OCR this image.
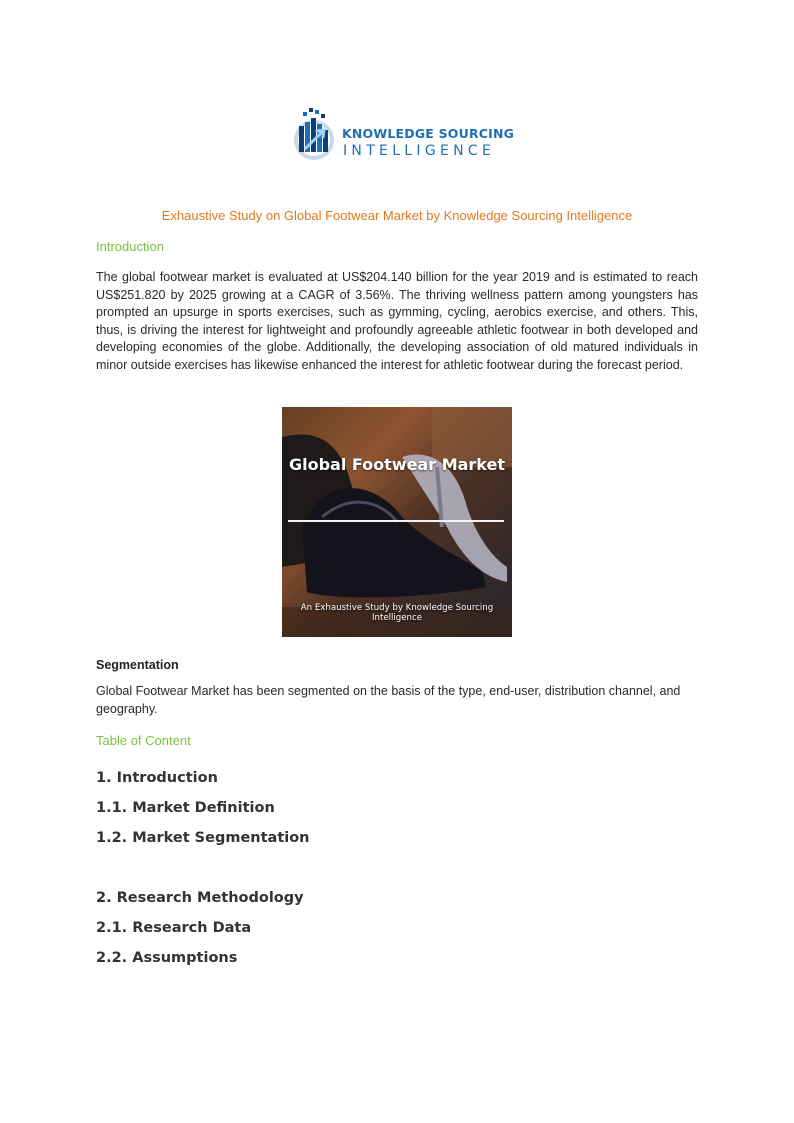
KNOWLEDGE SOURCING
INTELLIGENCE
Exhaustive Study on Global Footwear Market by Knowledge Sourcing Intelligence
Introduction

The global footwear market is evaluated at US$204.140 billion for the year 2019 and is estimated to reach US$251.820 by 2025 growing at a CAGR of 3.56%. The thriving wellness pattern among youngsters has prompted an upsurge in sports exercises, such as gymming, cycling, aerobics exercise, and others. This, thus, is driving the interest for lightweight and profoundly agreeable athletic footwear in both developed and developing economies of the globe. Additionally, the developing association of old matured individuals in minor outside exercises has likewise enhanced the interest for athletic footwear during the forecast period.

Global Footwear Market
An Exhaustive Study by Knowledge Sourcing Intelligence
Segmentation

Global Footwear Market has been segmented on the basis of the type, end-user, distribution channel, and geography.

Table of Content
1. Introduction
1.1. Market Definition
1.2. Market Segmentation
2. Research Methodology
2.1. Research Data
2.2. Assumptions
